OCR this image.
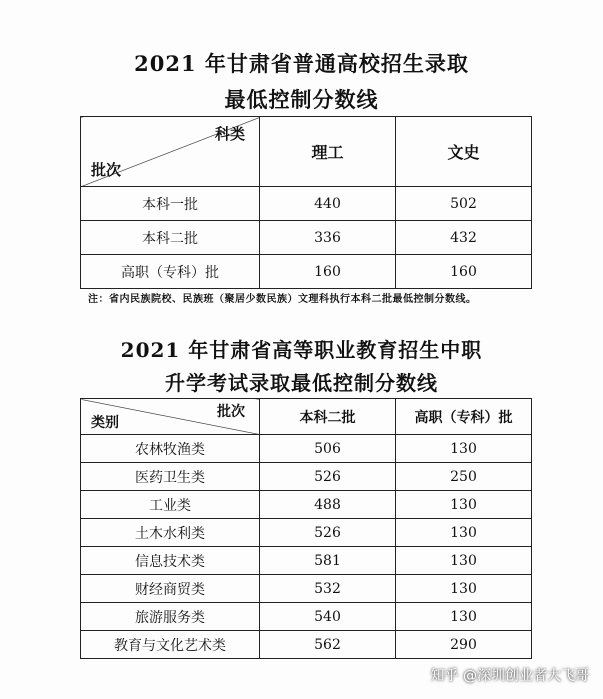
2021 年甘肃省普通高校招生录取
最低控制分数线
科类
批次	理工	文史
本科一批	440	502
本科二批	336	432
高职（专科）批	160	160
注：省内民族院校、民族班（聚居少数民族）文理科执行本科二批最低控制分数线。
2021 年甘肃省高等职业教育招生中职
升学考试录取最低控制分数线
批次
类别	本科二批	高职（专科）批
农林牧渔类	506	130
医药卫生类	526	250
工业类	488	130
土木水利类	526	130
信息技术类	581	130
财经商贸类	532	130
旅游服务类	540	130
教育与文化艺术类	562	290
知乎 @深圳创业者大飞哥
